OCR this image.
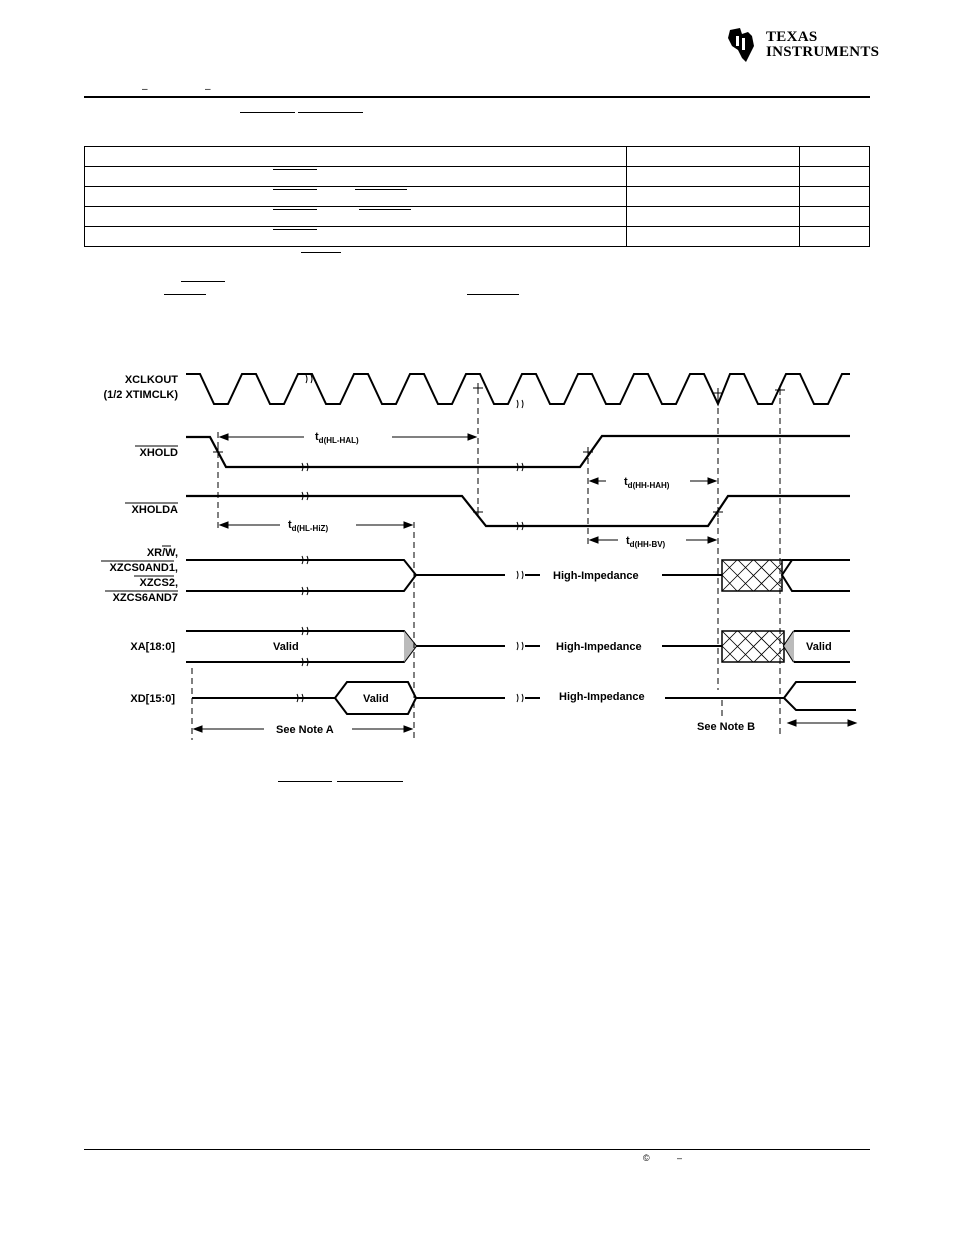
TEXAS
INSTRUMENTS
–	–

XCLKOUT
(1/2 XTIMCLK)
XHOLD
XHOLDA
XR/W,
XZCS0AND1,
XZCS2,
XZCS6AND7
XA[18:0]
XD[15:0]
$t_d(HL-HAL)$
$t_d(HH-HAH)$
$t_d(HL-HiZ)$
$t_d(HH-BV)$
High-Impedance
High-Impedance
High-Impedance
Valid	Valid
Valid
See Note A	See Note B
©	–
